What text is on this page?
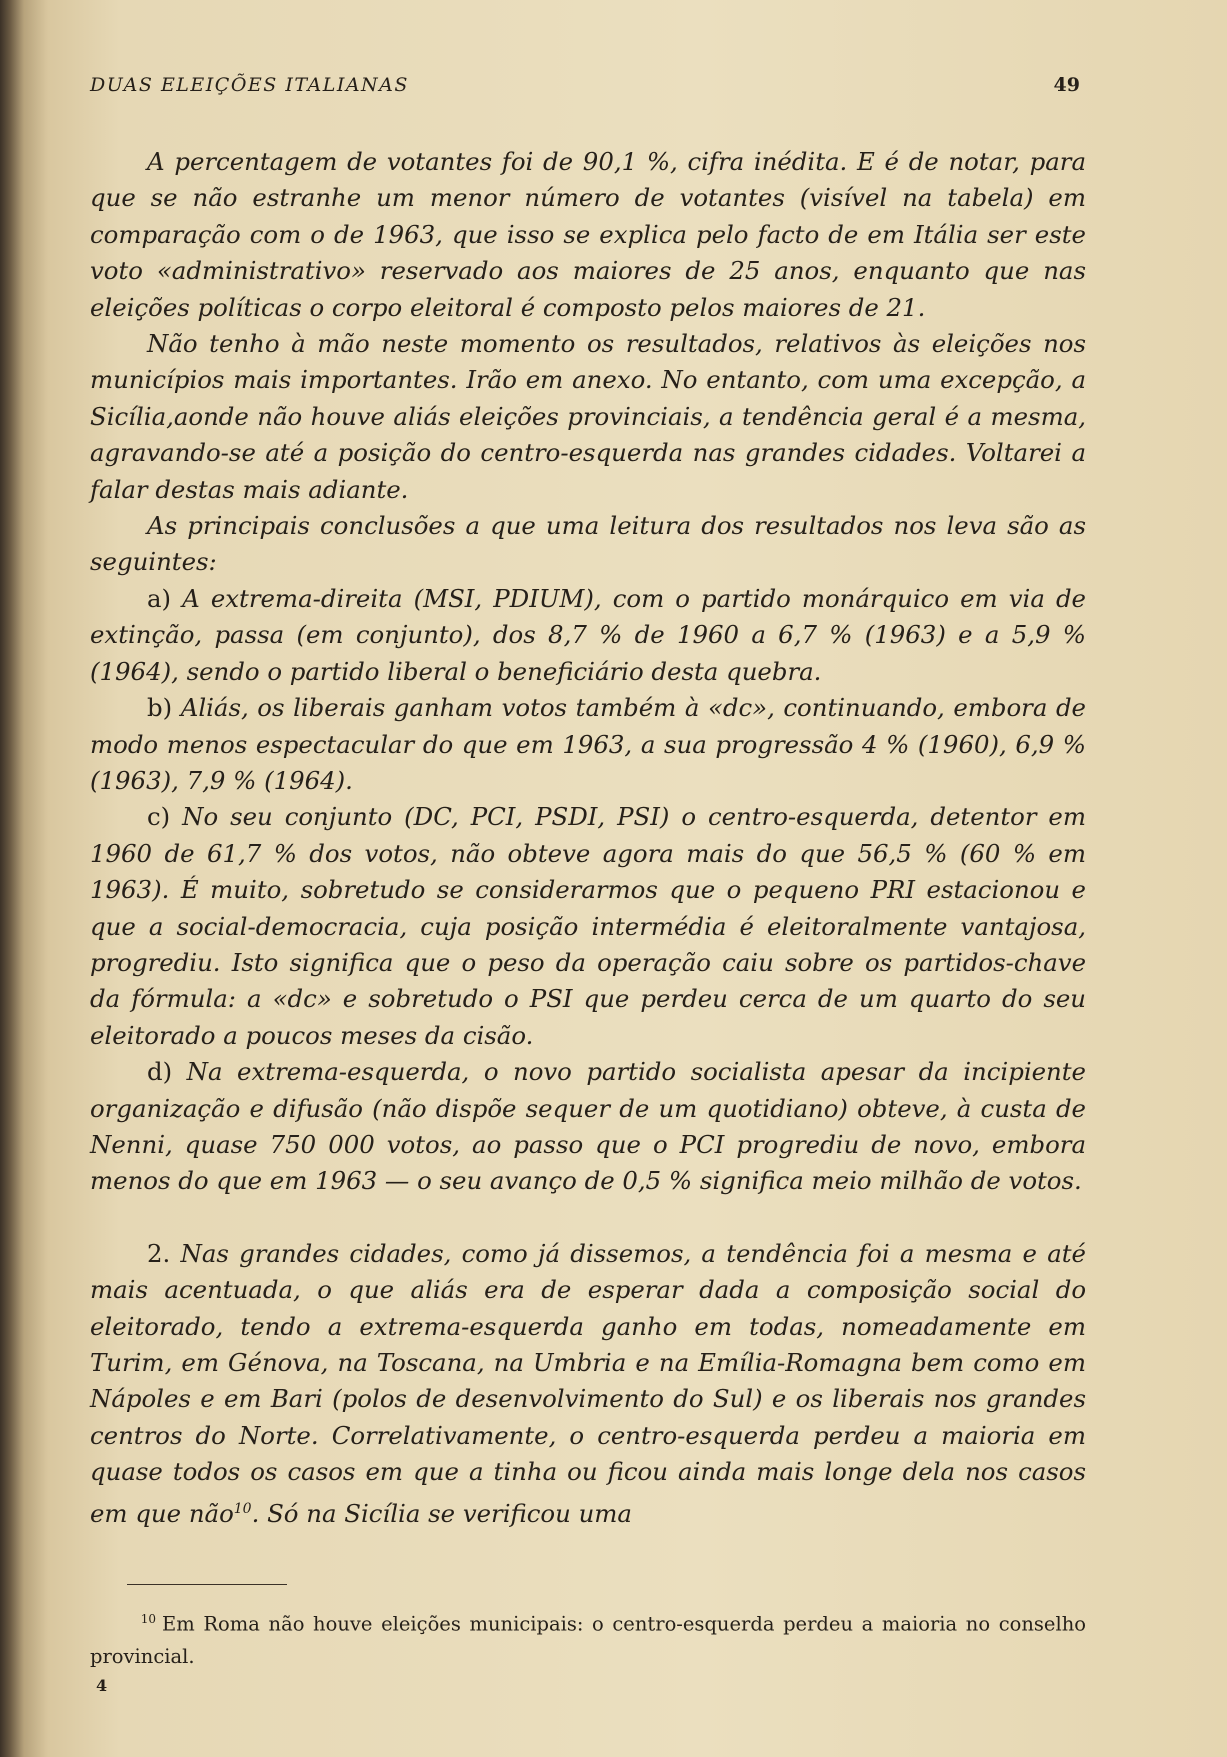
DUAS ELEIÇÕES ITALIANAS	49

A percentagem de votantes foi de 90,1 %, cifra inédita. E é de notar, para que se não estranhe um menor número de votantes (visível na tabela) em comparação com o de 1963, que isso se explica pelo facto de em Itália ser este voto «administrativo» reservado aos maiores de 25 anos, enquanto que nas eleições políticas o corpo eleitoral é composto pelos maiores de 21.

Não tenho à mão neste momento os resultados, relativos às eleições nos municípios mais importantes. Irão em anexo. No entanto, com uma excepção, a Sicília,aonde não houve aliás eleições provinciais, a tendência geral é a mesma, agravando-se até a posição do centro-esquerda nas grandes cidades. Voltarei a falar destas mais adiante.

As principais conclusões a que uma leitura dos resultados nos leva são as seguintes:

a) A extrema-direita (MSI, PDIUM), com o partido monárquico em via de extinção, passa (em conjunto), dos 8,7 % de 1960 a 6,7 % (1963) e a 5,9 % (1964), sendo o partido liberal o beneficiário desta quebra.

b) Aliás, os liberais ganham votos também à «dc», continuando, embora de modo menos espectacular do que em 1963, a sua progressão 4 % (1960), 6,9 % (1963), 7,9 % (1964).

c) No seu conjunto (DC, PCI, PSDI, PSI) o centro-esquerda, detentor em 1960 de 61,7 % dos votos, não obteve agora mais do que 56,5 % (60 % em 1963). É muito, sobretudo se considerarmos que o pequeno PRI estacionou e que a social-democracia, cuja posição intermédia é eleitoralmente vantajosa, progrediu. Isto significa que o peso da operação caiu sobre os partidos-chave da fórmula: a «dc» e sobretudo o PSI que perdeu cerca de um quarto do seu eleitorado a poucos meses da cisão.

d) Na extrema-esquerda, o novo partido socialista apesar da incipiente organização e difusão (não dispõe sequer de um quotidiano) obteve, à custa de Nenni, quase 750 000 votos, ao passo que o PCI progrediu de novo, embora menos do que em 1963 — o seu avanço de 0,5 % significa meio milhão de votos.

2. Nas grandes cidades, como já dissemos, a tendência foi a mesma e até mais acentuada, o que aliás era de esperar dada a composição social do eleitorado, tendo a extrema-esquerda ganho em todas, nomeadamente em Turim, em Génova, na Toscana, na Umbria e na Emília-Romagna bem como em Nápoles e em Bari (polos de desenvolvimento do Sul) e os liberais nos grandes centros do Norte. Correlativamente, o centro-esquerda perdeu a maioria em quase todos os casos em que a tinha ou ficou ainda mais longe dela nos casos em que não$^{10}$. Só na Sicília se verificou uma

10 Em Roma não houve eleições municipais: o centro-esquerda perdeu a maioria no conselho provincial.
4
